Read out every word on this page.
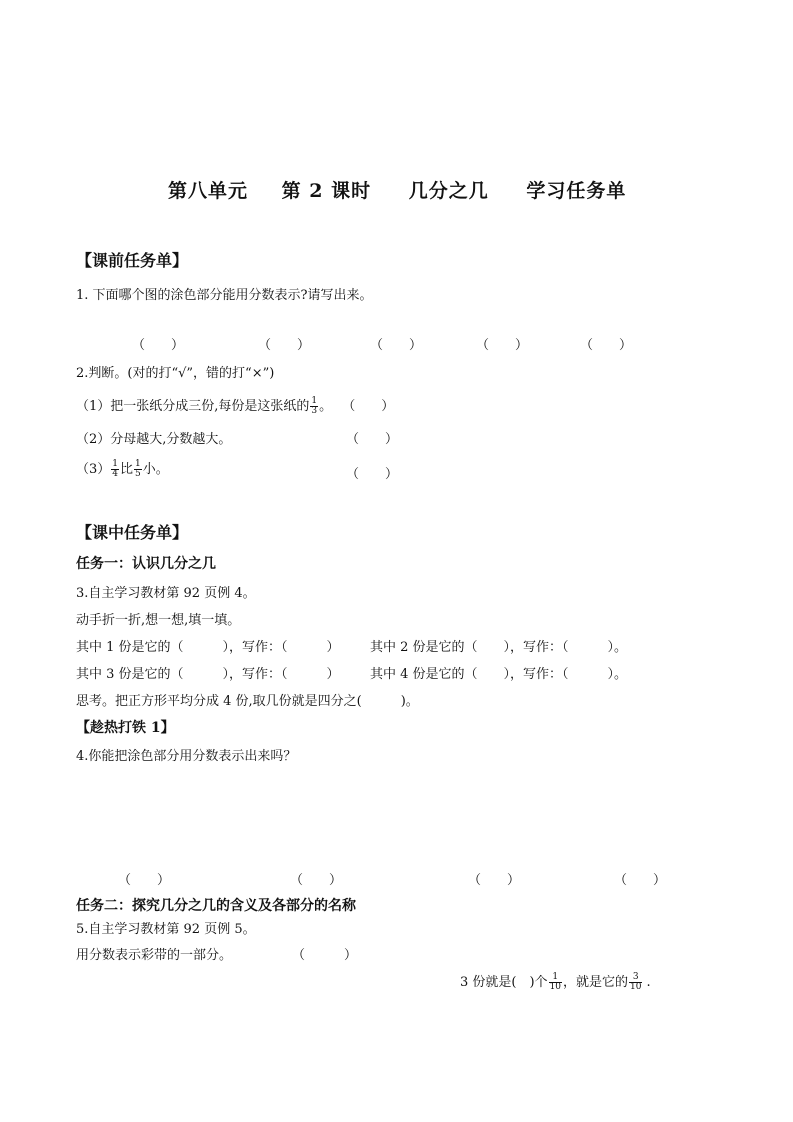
第八单元 第 2 课时 几分之几 学习任务单
【课前任务单】
1. 下面哪个图的涂色部分能用分数表示?请写出来。
（　　）	（　　）	（　　）	（　　）	（　　）
2.判断。(对的打“√”，错的打“×”)
（1）把一张纸分成三份,每份是这张纸的 $\frac{1}{3}$ 。 （　　）
（2）分母越大,分数越大。	（　　）
$(3) \frac{1}{4}$ 比 $\frac{1}{5}$ 小。	（　　）
【课中任务单】
任务一：认识几分之几
3.自主学习教材第 92 页例 4。
动手折一折,想一想,填一填。
其中 1 份是它的（　　　），写作：（　　　） 其中 2 份是它的（　　），写作：（　　　）。
其中 3 份是它的（　　　），写作：（　　　） 其中 4 份是它的（　　），写作：（　　　）。
思考。把正方形平均分成 4 份,取几份就是四分之(　　　)。
【趁热打铁 1】
4.你能把涂色部分用分数表示出来吗？
（　　）	（　　）	（　　）	（　　）
任务二：探究几分之几的含义及各部分的名称
5.自主学习教材第 92 页例 5。
用分数表示彩带的一部分。	（　　　）
3 份就是(　)个 $\frac{1}{10}$ ，就是它的 $\frac{3}{10}$ .
